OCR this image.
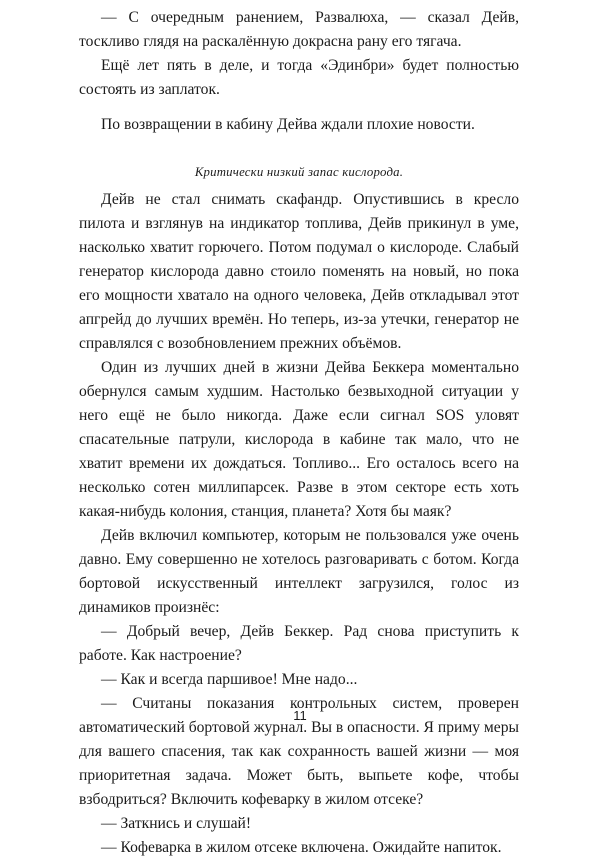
— С очередным ранением, Развалюха, — сказал Дейв, тоскливо глядя на раскалённую докрасна рану его тягача.

Ещё лет пять в деле, и тогда «Эдинбри» будет полностью состоять из заплаток.

По возвращении в кабину Дейва ждали плохие новости.

Критически низкий запас кислорода.

Дейв не стал снимать скафандр. Опустившись в кресло пилота и взглянув на индикатор топлива, Дейв прикинул в уме, насколько хватит горючего. Потом подумал о кислороде. Слабый генератор кислорода давно стоило поменять на новый, но пока его мощности хватало на одного человека, Дейв откладывал этот апгрейд до лучших времён. Но теперь, из-за утечки, генератор не справлялся с возобновлением прежних объёмов.

Один из лучших дней в жизни Дейва Беккера моментально обернулся самым худшим. Настолько безвыходной ситуации у него ещё не было никогда. Даже если сигнал SOS уловят спасательные патрули, кислорода в кабине так мало, что не хватит времени их дождаться. Топливо... Его осталось всего на несколько сотен миллипарсек. Разве в этом секторе есть хоть какая-нибудь колония, станция, планета? Хотя бы маяк?

Дейв включил компьютер, которым не пользовался уже очень давно. Ему совершенно не хотелось разговаривать с ботом. Когда бортовой искусственный интеллект загрузился, голос из динамиков произнёс:

— Добрый вечер, Дейв Беккер. Рад снова приступить к работе. Как настроение?

— Как и всегда паршивое! Мне надо...

— Считаны показания контрольных систем, проверен автоматический бортовой журнал. Вы в опасности. Я приму меры для вашего спасения, так как сохранность вашей жизни — моя приоритетная задача. Может быть, выпьете кофе, чтобы взбодриться? Включить кофеварку в жилом отсеке?

— Заткнись и слушай!

— Кофеварка в жилом отсеке включена. Ожидайте напиток.

11
